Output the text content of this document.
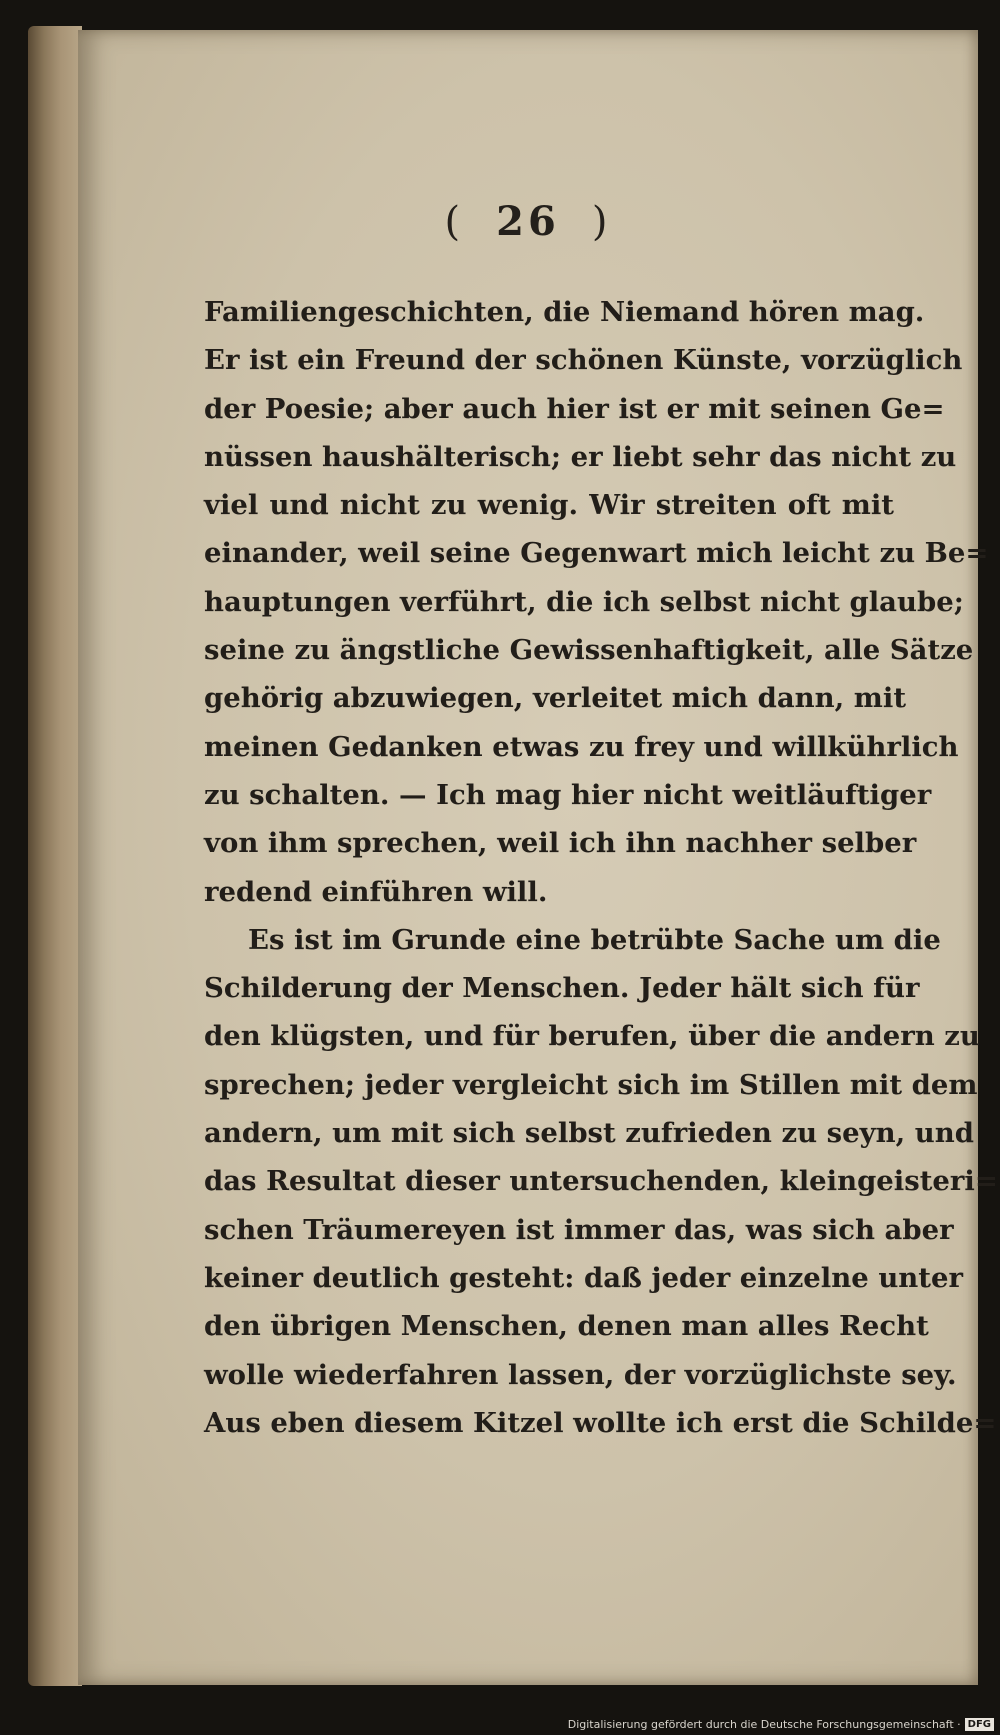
( 26 )
Familiengeschichten, die Niemand hören mag.
Er ist ein Freund der schönen Künste, vorzüglich
der Poesie; aber auch hier ist er mit seinen Ge=
nüssen haushälterisch; er liebt sehr das nicht zu
viel und nicht zu wenig. Wir streiten oft mit
einander, weil seine Gegenwart mich leicht zu Be=
hauptungen verführt, die ich selbst nicht glaube;
seine zu ängstliche Gewissenhaftigkeit, alle Sätze
gehörig abzuwiegen, verleitet mich dann, mit
meinen Gedanken etwas zu frey und willkührlich
zu schalten. — Ich mag hier nicht weitläuftiger
von ihm sprechen, weil ich ihn nachher selber
redend einführen will.
Es ist im Grunde eine betrübte Sache um die
Schilderung der Menschen. Jeder hält sich für
den klügsten, und für berufen, über die andern zu
sprechen; jeder vergleicht sich im Stillen mit dem
andern, um mit sich selbst zufrieden zu seyn, und
das Resultat dieser untersuchenden, kleingeisteri=
schen Träumereyen ist immer das, was sich aber
keiner deutlich gesteht: daß jeder einzelne unter
den übrigen Menschen, denen man alles Recht
wolle wiederfahren lassen, der vorzüglichste sey.
Aus eben diesem Kitzel wollte ich erst die Schilde=
Digitalisierung gefördert durch die Deutsche Forschungsgemeinschaft · DFG
